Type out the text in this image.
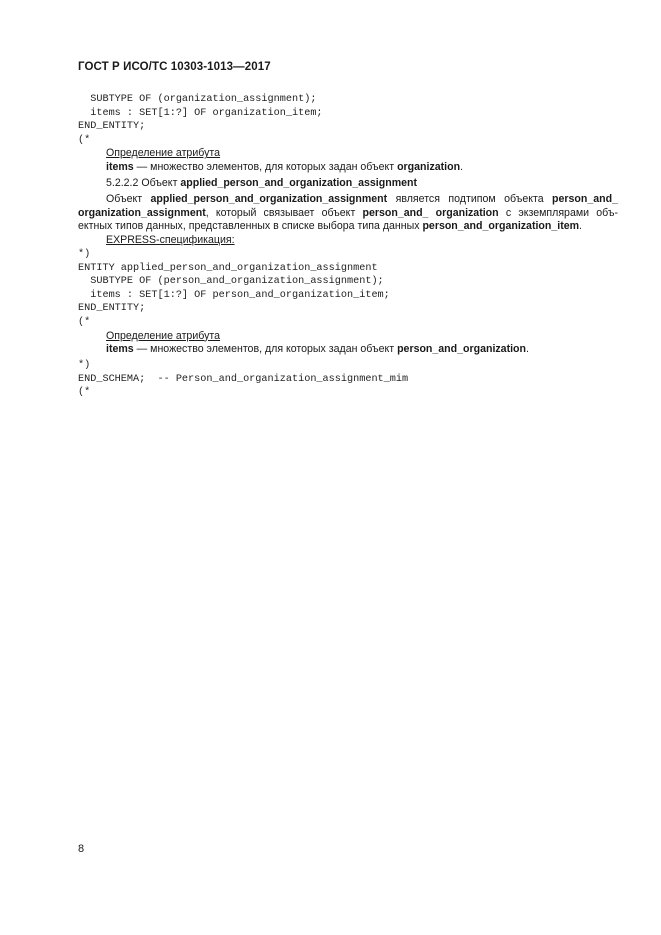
ГОСТ Р ИСО/ТС 10303-1013—2017
SUBTYPE OF (organization_assignment);
items : SET[1:?] OF organization_item;
END_ENTITY;
(*

Определение атрибута

items — множество элементов, для которых задан объект organization.

5.2.2.2 Объект applied_person_and_organization_assignment

Объект applied_person_and_organization_assignment является подтипом объекта person_and_ organization_assignment, который связывает объект person_and_ organization с экземплярами объ-ектных типов данных, представленных в списке выбора типа данных person_and_organization_item.

EXPRESS-спецификация:

*)
ENTITY applied_person_and_organization_assignment
SUBTYPE OF (person_and_organization_assignment);
items : SET[1:?] OF person_and_organization_item;
END_ENTITY;
(*

Определение атрибута

items — множество элементов, для которых задан объект person_and_organization.

*)
END_SCHEMA;  -- Person_and_organization_assignment_mim
(*
8
